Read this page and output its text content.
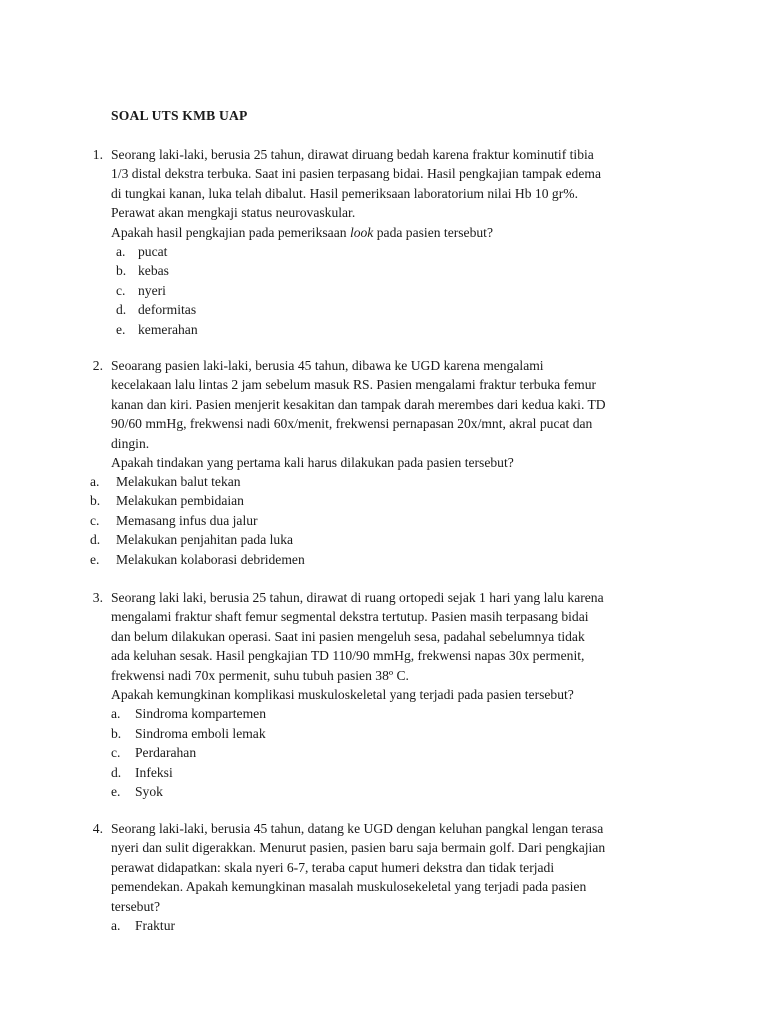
SOAL UTS KMB UAP
1. Seorang laki-laki, berusia 25 tahun, dirawat diruang bedah karena fraktur kominutif tibia
1/3 distal dekstra terbuka. Saat ini pasien terpasang bidai. Hasil pengkajian tampak edema
di tungkai kanan, luka telah dibalut. Hasil pemeriksaan laboratorium nilai Hb 10 gr%.
Perawat akan mengkaji status neurovaskular.
Apakah hasil pengkajian pada pemeriksaan look pada pasien tersebut?
a. pucat
b. kebas
c. nyeri
d. deformitas
e. kemerahan
2. Seoarang pasien laki-laki, berusia 45 tahun, dibawa ke UGD karena mengalami
kecelakaan lalu lintas 2 jam sebelum masuk RS. Pasien mengalami fraktur terbuka femur
kanan dan kiri. Pasien menjerit kesakitan dan tampak darah merembes dari kedua kaki. TD
90/60 mmHg, frekwensi nadi 60x/menit, frekwensi pernapasan 20x/mnt, akral pucat dan
dingin.
Apakah tindakan yang pertama kali harus dilakukan pada pasien tersebut?
a. Melakukan balut tekan
b. Melakukan pembidaian
c. Memasang infus dua jalur
d. Melakukan penjahitan pada luka
e. Melakukan kolaborasi debridemen
3. Seorang laki laki, berusia 25 tahun, dirawat di ruang ortopedi sejak 1 hari yang lalu karena
mengalami fraktur shaft femur segmental dekstra tertutup. Pasien masih terpasang bidai
dan belum dilakukan operasi. Saat ini pasien mengeluh sesa, padahal sebelumnya tidak
ada keluhan sesak. Hasil pengkajian TD 110/90 mmHg, frekwensi napas 30x permenit,
frekwensi nadi 70x permenit, suhu tubuh pasien 38º C.
Apakah kemungkinan komplikasi muskuloskeletal yang terjadi pada pasien tersebut?
a. Sindroma kompartemen
b. Sindroma emboli lemak
c. Perdarahan
d. Infeksi
e. Syok
4. Seorang laki-laki, berusia 45 tahun, datang ke UGD dengan keluhan pangkal lengan terasa
nyeri dan sulit digerakkan. Menurut pasien, pasien baru saja bermain golf. Dari pengkajian
perawat didapatkan: skala nyeri 6-7, teraba caput humeri dekstra dan tidak terjadi
pemendekan. Apakah kemungkinan masalah muskulosekeletal yang terjadi pada pasien
tersebut?
a. Fraktur
